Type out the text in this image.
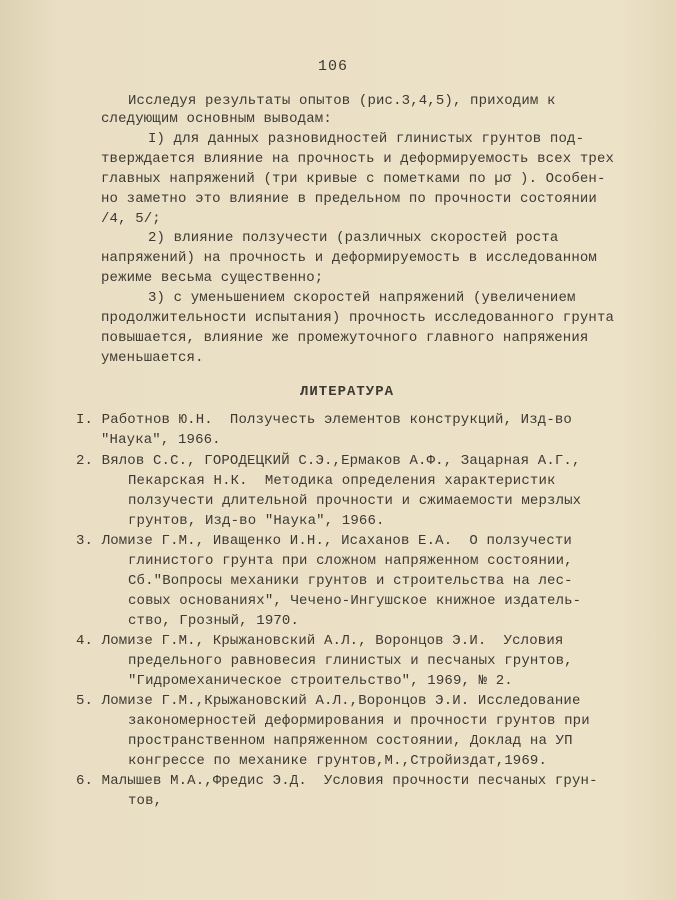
106
Исследуя результаты опытов (рис.3,4,5), приходим к
следующим основным выводам:
I) для данных разновидностей глинистых грунтов под-
тверждается влияние на прочность и деформируемость всех трех
главных напряжений (три кривые с пометками по µσ ). Особен-
но заметно это влияние в предельном по прочности состоянии
/4, 5/;
2) влияние ползучести (различных скоростей роста
напряжений) на прочность и деформируемость в исследованном
режиме весьма существенно;
3) с уменьшением скоростей напряжений (увеличением
продолжительности испытания) прочность исследованного грунта
повышается, влияние же промежуточного главного напряжения
уменьшается.
ЛИТЕРАТУРА
I. Работнов Ю.Н.  Ползучесть элементов конструкций, Изд-во
"Наука", 1966.
2. Вялов С.С., ГОРОДЕЦКИЙ С.Э.,Ермаков А.Ф., Зацарная А.Г.,
Пекарская Н.К.  Методика определения характеристик
ползучести длительной прочности и сжимаемости мерзлых
грунтов, Изд-во "Наука", 1966.
3. Ломизе Г.М., Иващенко И.Н., Исаханов Е.А.  О ползучести
глинистого грунта при сложном напряженном состоянии,
Сб."Вопросы механики грунтов и строительства на лес-
совых основаниях", Чечено-Ингушское книжное издатель-
ство, Грозный, 1970.
4. Ломизе Г.М., Крыжановский А.Л., Воронцов Э.И.  Условия
предельного равновесия глинистых и песчаных грунтов,
"Гидромеханическое строительство", 1969, № 2.
5. Ломизе Г.М.,Крыжановский А.Л.,Воронцов Э.И. Исследование
закономерностей деформирования и прочности грунтов при
пространственном напряженном состоянии, Доклад на УП
конгрессе по механике грунтов,М.,Стройиздат,1969.
6. Малышев М.А.,Фредис Э.Д.  Условия прочности песчаных грун-
тов,
